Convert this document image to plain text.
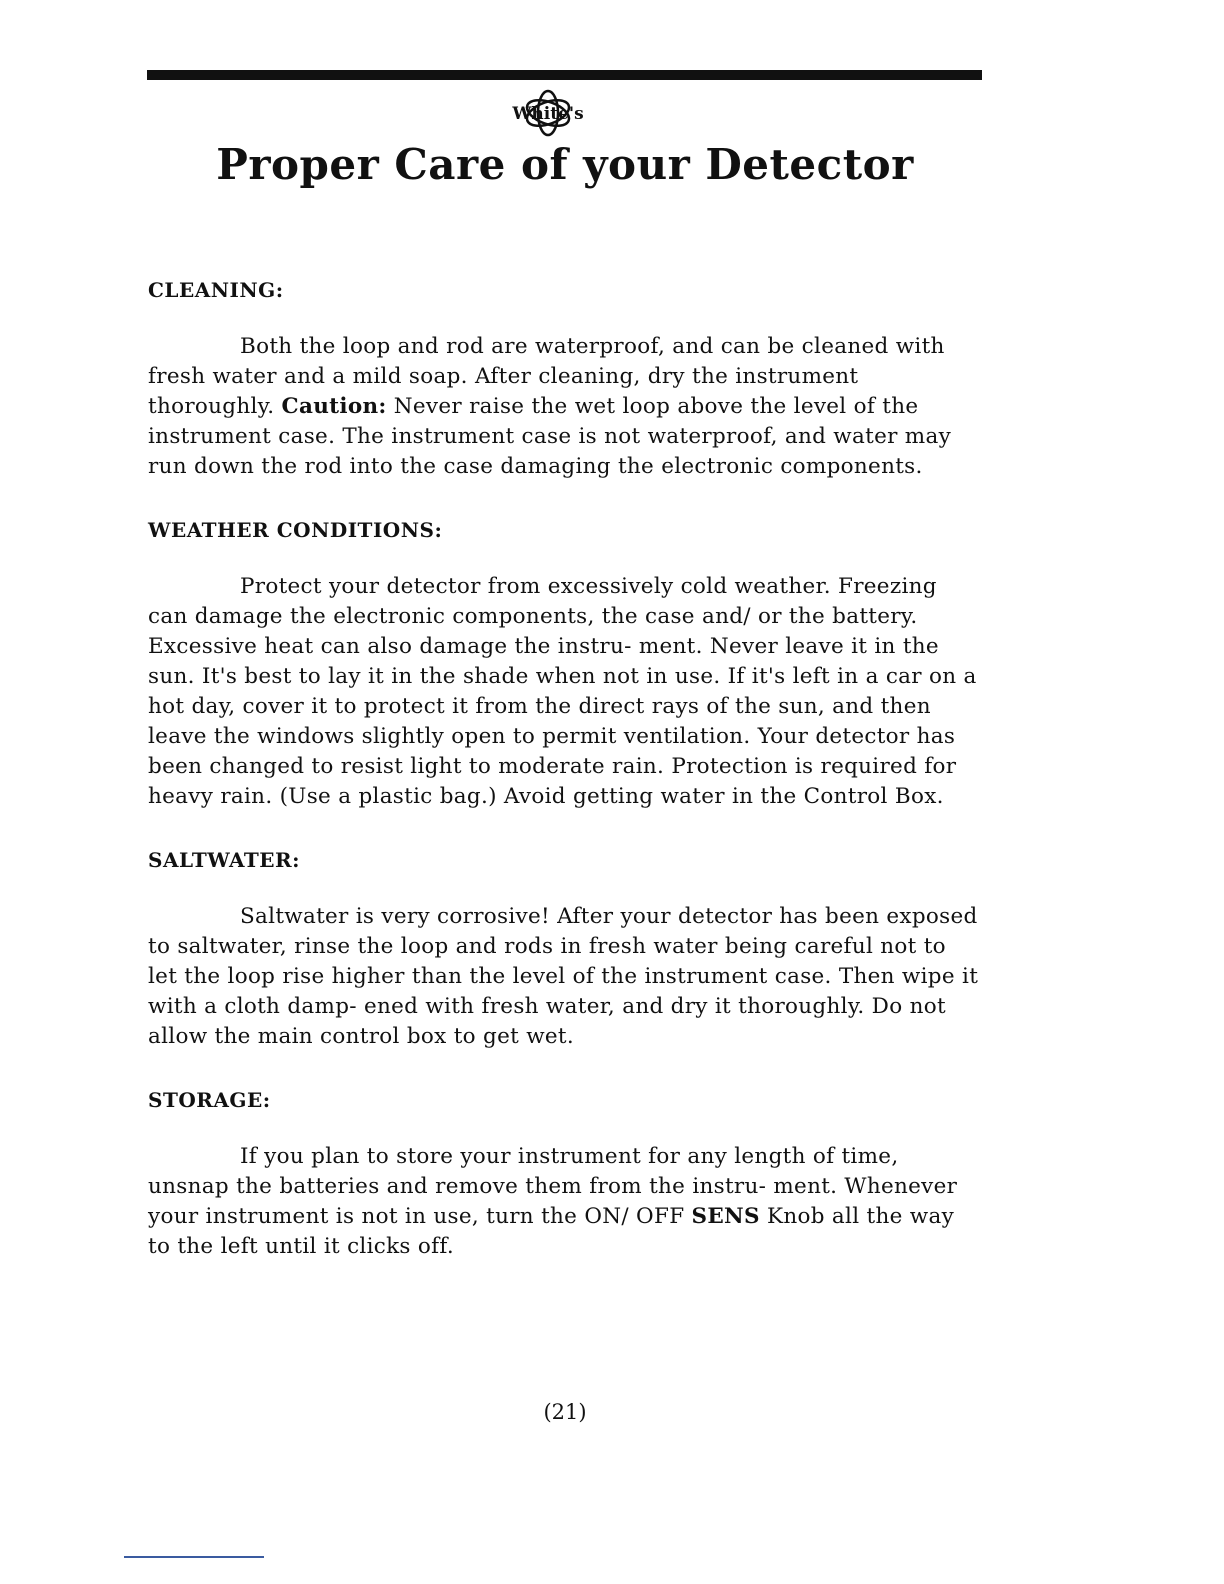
White's
Proper Care of your Detector
CLEANING:

Both the loop and rod are waterproof, and can be cleaned with fresh water and a mild soap. After cleaning, dry the instrument thoroughly. Caution: Never raise the wet loop above the level of the instrument case. The instrument case is not waterproof, and water may run down the rod into the case damaging the electronic components.

WEATHER CONDITIONS:

Protect your detector from excessively cold weather. Freezing can damage the electronic components, the case and/ or the battery. Excessive heat can also damage the instru- ment. Never leave it in the sun. It's best to lay it in the shade when not in use. If it's left in a car on a hot day, cover it to protect it from the direct rays of the sun, and then leave the windows slightly open to permit ventilation. Your detector has been changed to resist light to moderate rain. Protection is required for heavy rain. (Use a plastic bag.) Avoid getting water in the Control Box.

SALTWATER:

Saltwater is very corrosive! After your detector has been exposed to saltwater, rinse the loop and rods in fresh water being careful not to let the loop rise higher than the level of the instrument case. Then wipe it with a cloth damp- ened with fresh water, and dry it thoroughly. Do not allow the main control box to get wet.

STORAGE:

If you plan to store your instrument for any length of time, unsnap the batteries and remove them from the instru- ment. Whenever your instrument is not in use, turn the ON/ OFF SENS Knob all the way to the left until it clicks off.

(21)
